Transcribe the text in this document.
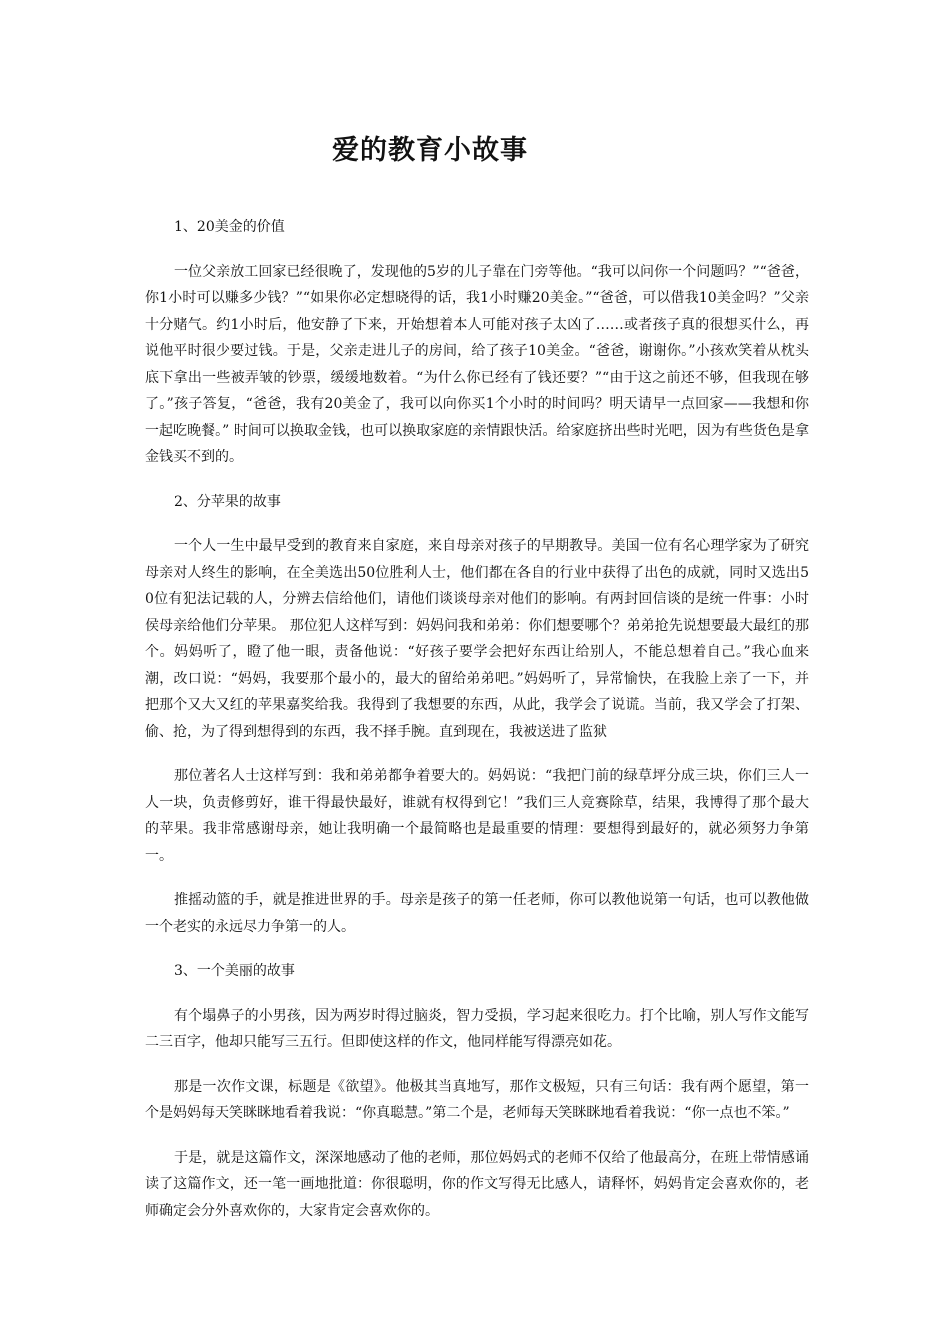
爱的教育小故事

1、20美金的价值

一位父亲放工回家已经很晚了，发现他的5岁的儿子靠在门旁等他。“我可以问你一个问题吗？”“爸爸，你1小时可以赚多少钱？”“如果你必定想晓得的话，我1小时赚20美金。”“爸爸，可以借我10美金吗？”父亲十分赌气。约1小时后，他安静了下来，开始想着本人可能对孩子太凶了……或者孩子真的很想买什么，再说他平时很少要过钱。于是，父亲走进儿子的房间，给了孩子10美金。“爸爸，谢谢你。”小孩欢笑着从枕头底下拿出一些被弄皱的钞票，缓缓地数着。“为什么你已经有了钱还要？”“由于这之前还不够，但我现在够了。”孩子答复，“爸爸，我有20美金了，我可以向你买1个小时的时间吗？明天请早一点回家——我想和你一起吃晚餐。” 时间可以换取金钱，也可以换取家庭的亲情跟快活。给家庭挤出些时光吧，因为有些货色是拿金钱买不到的。

2、分苹果的故事

一个人一生中最早受到的教育来自家庭，来自母亲对孩子的早期教导。美国一位有名心理学家为了研究母亲对人终生的影响，在全美选出50位胜利人士，他们都在各自的行业中获得了出色的成就，同时又选出50位有犯法记载的人，分辨去信给他们，请他们谈谈母亲对他们的影响。有两封回信谈的是统一件事：小时侯母亲给他们分苹果。 那位犯人这样写到：妈妈问我和弟弟：你们想要哪个？弟弟抢先说想要最大最红的那个。妈妈听了，瞪了他一眼，责备他说：“好孩子要学会把好东西让给别人，不能总想着自己。”我心血来潮，改口说：“妈妈，我要那个最小的，最大的留给弟弟吧。”妈妈听了，异常愉快，在我脸上亲了一下，并把那个又大又红的苹果嘉奖给我。我得到了我想要的东西，从此，我学会了说谎。当前，我又学会了打架、偷、抢，为了得到想得到的东西，我不择手腕。直到现在，我被送进了监狱

那位著名人士这样写到：我和弟弟都争着要大的。妈妈说：“我把门前的绿草坪分成三块，你们三人一人一块，负责修剪好，谁干得最快最好，谁就有权得到它！”我们三人竞赛除草，结果，我博得了那个最大的苹果。我非常感谢母亲，她让我明确一个最简略也是最重要的情理：要想得到最好的，就必须努力争第一。

推摇动篮的手，就是推进世界的手。母亲是孩子的第一任老师，你可以教他说第一句话，也可以教他做一个老实的永远尽力争第一的人。

3、一个美丽的故事

有个塌鼻子的小男孩，因为两岁时得过脑炎，智力受损，学习起来很吃力。打个比喻，别人写作文能写二三百字，他却只能写三五行。但即使这样的作文，他同样能写得漂亮如花。

那是一次作文课，标题是《欲望》。他极其当真地写，那作文极短，只有三句话：我有两个愿望，第一个是妈妈每天笑眯眯地看着我说：“你真聪慧。”第二个是，老师每天笑眯眯地看着我说：“你一点也不笨。”

于是，就是这篇作文，深深地感动了他的老师，那位妈妈式的老师不仅给了他最高分，在班上带情感诵读了这篇作文，还一笔一画地批道：你很聪明，你的作文写得无比感人，请释怀，妈妈肯定会喜欢你的，老师确定会分外喜欢你的，大家肯定会喜欢你的。
